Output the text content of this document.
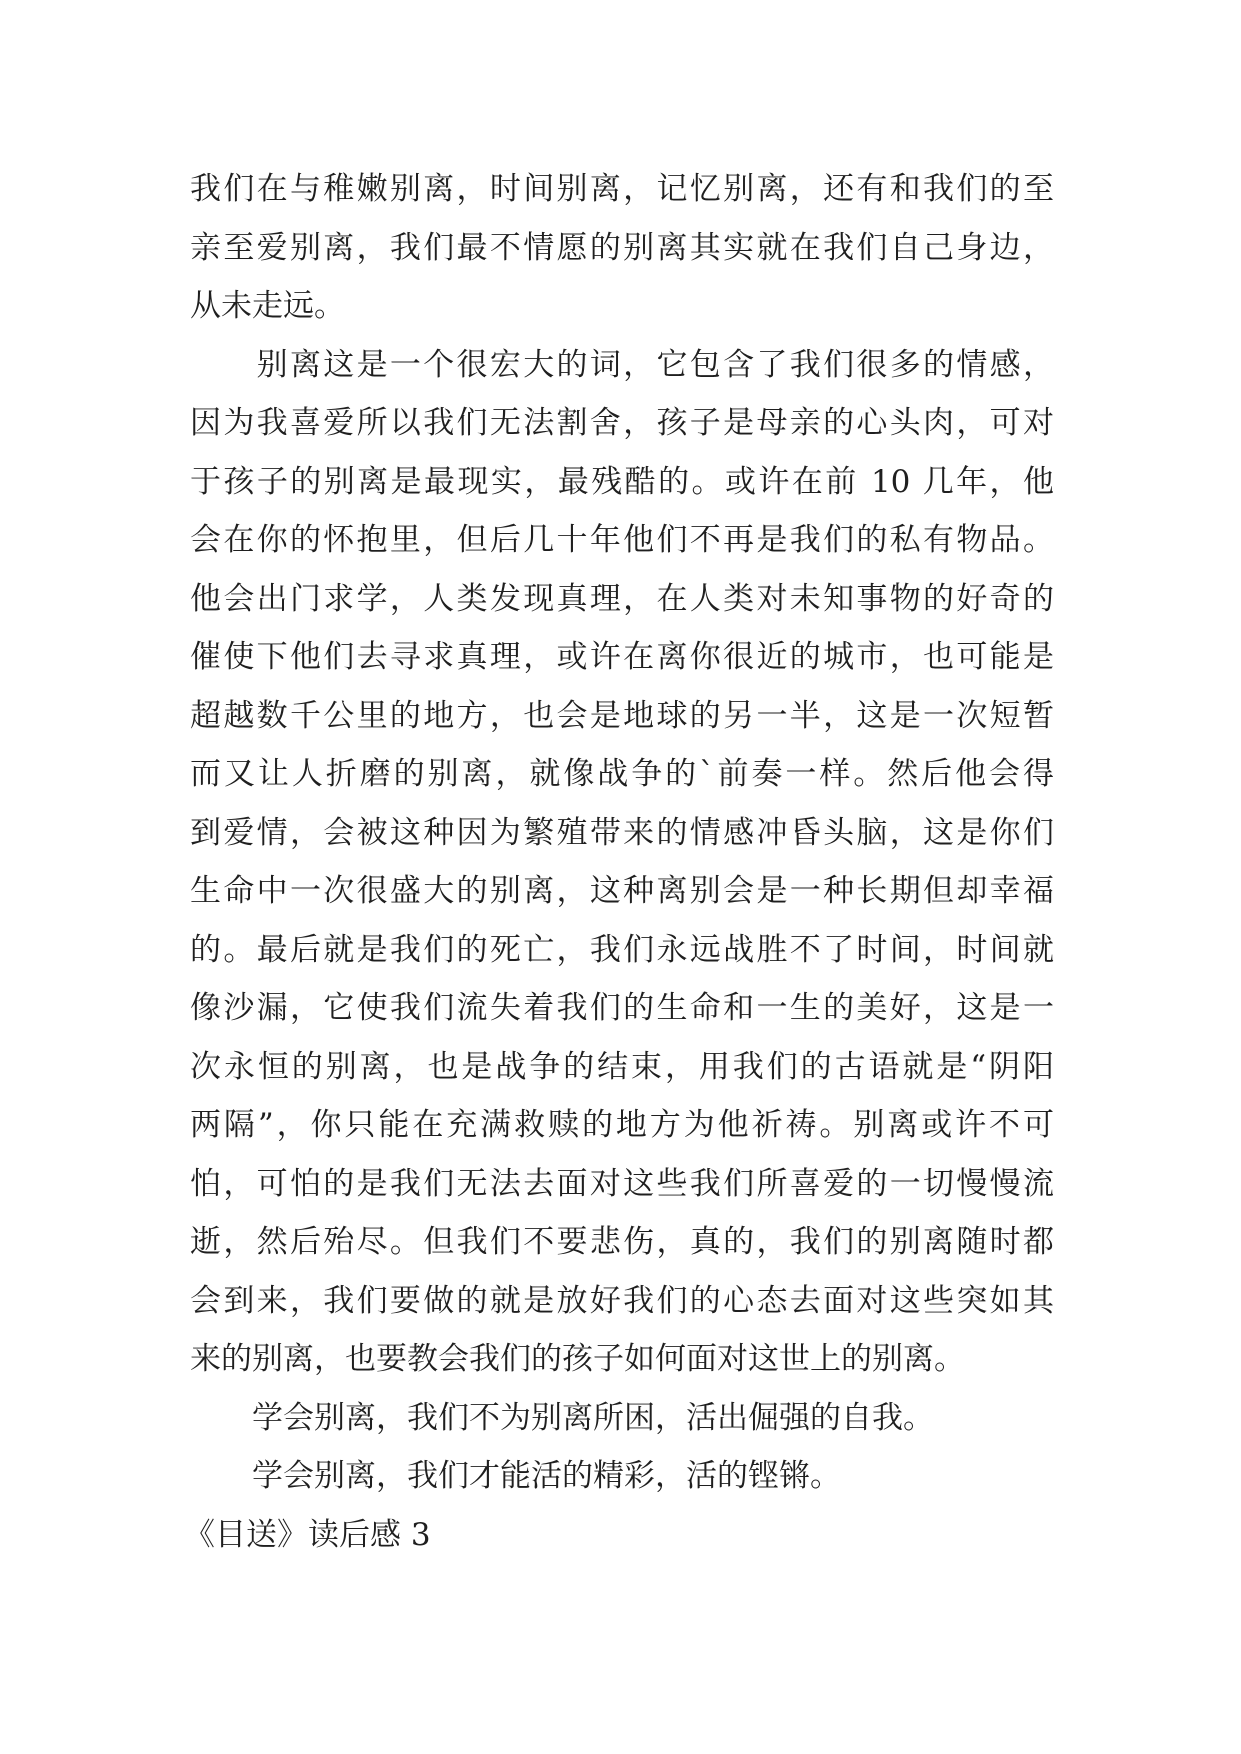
我们在与稚嫩别离，时间别离，记忆别离，还有和我们的至
亲至爱别离，我们最不情愿的别离其实就在我们自己身边，
从未走远。
　　别离这是一个很宏大的词，它包含了我们很多的情感，
因为我喜爱所以我们无法割舍，孩子是母亲的心头肉，可对
于孩子的别离是最现实，最残酷的。或许在前 10 几年，他
会在你的怀抱里，但后几十年他们不再是我们的私有物品。
他会出门求学，人类发现真理，在人类对未知事物的好奇的
催使下他们去寻求真理，或许在离你很近的城市，也可能是
超越数千公里的地方，也会是地球的另一半，这是一次短暂
而又让人折磨的别离，就像战争的`前奏一样。然后他会得
到爱情，会被这种因为繁殖带来的情感冲昏头脑，这是你们
生命中一次很盛大的别离，这种离别会是一种长期但却幸福
的。最后就是我们的死亡，我们永远战胜不了时间，时间就
像沙漏，它使我们流失着我们的生命和一生的美好，这是一
次永恒的别离，也是战争的结束，用我们的古语就是“阴阳
两隔”，你只能在充满救赎的地方为他祈祷。别离或许不可
怕，可怕的是我们无法去面对这些我们所喜爱的一切慢慢流
逝，然后殆尽。但我们不要悲伤，真的，我们的别离随时都
会到来，我们要做的就是放好我们的心态去面对这些突如其
来的别离，也要教会我们的孩子如何面对这世上的别离。
　　学会别离，我们不为别离所困，活出倔强的自我。
　　学会别离，我们才能活的精彩，活的铿锵。
《目送》读后感 3
